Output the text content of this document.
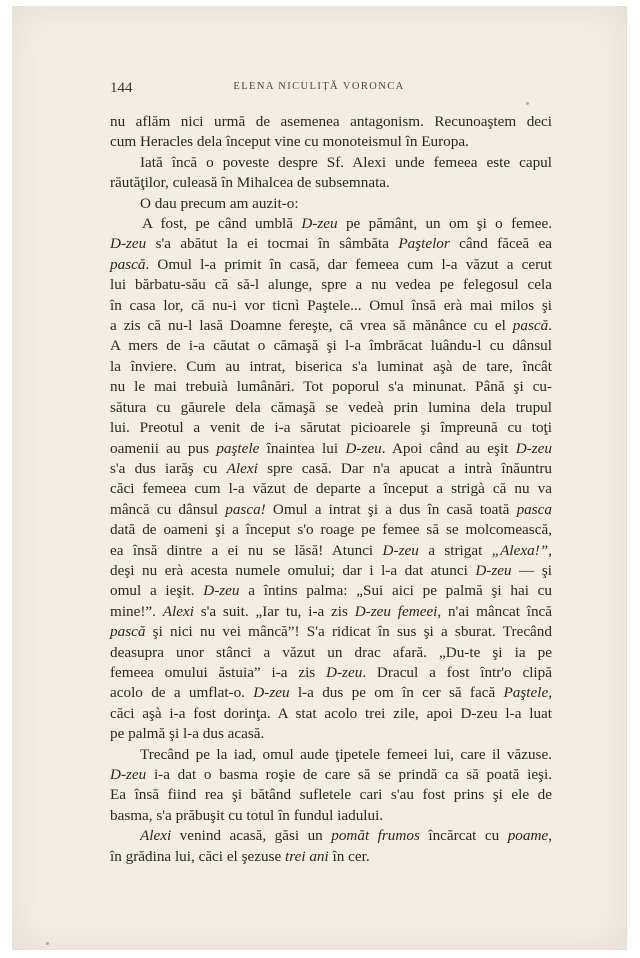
144	ELENA NICULIȚĂ VORONCA
nu aflăm nici urmă de asemenea antagonism. Recunoaştem deci
cum Heracles dela început vine cu monoteismul în Europa.
Iată încă o poveste despre Sf. Alexi unde femeea este capul
răutăţilor, culeasă în Mihalcea de subsemnata.
O dau precum am auzit-o:
A fost, pe când umblă D-zeu pe pământ, un om şi o femee.
D-zeu s'a abătut la ei tocmai în sâmbăta Paştelor când făceă ea
pască. Omul l-a primit în casă, dar femeea cum l-a văzut a cerut
lui bărbatu-său că să-l alunge, spre a nu vedea pe felegosul cela
în casa lor, că nu-i vor ticnì Paştele... Omul însă erà mai milos şi
a zis că nu-l lasă Doamne fereşte, că vrea să mănânce cu el pască.
A mers de i-a căutat o cămaşă şi l-a îmbrăcat luându-l cu dânsul
la înviere. Cum au intrat, biserica s'a luminat aşà de tare, încât
nu le mai trebuià lumânări. Tot poporul s'a minunat. Până şi cu-
sătura cu găurele dela cămaşă se vedeà prin lumina dela trupul
lui. Preotul a venit de i-a sărutat picioarele şi împreună cu toţi
oamenii au pus paştele înaintea lui D-zeu. Apoi când au eşit D-zeu
s'a dus iarăş cu Alexi spre casă. Dar n'a apucat a intrà înăuntru
căci femeea cum l-a văzut de departe a început a strigà că nu va
mâncă cu dânsul pasca! Omul a intrat şi a dus în casă toată pasca
dată de oameni şi a început s'o roage pe femee să se molcomească,
ea însă dintre a ei nu se lăsă! Atunci D-zeu a strigat „Alexa!”,
deşi nu erà acesta numele omului; dar i l-a dat atunci D-zeu — şi
omul a ieşit. D-zeu a întins palma: „Sui aici pe palmă şi hai cu
mine!”. Alexi s'a suit. „Iar tu, i-a zis D-zeu femeei, n'ai mâncat încă
pască şi nici nu vei mâncă”! S'a ridicat în sus şi a sburat. Trecând
deasupra unor stânci a văzut un drac afară. „Du-te şi ia pe
femeea omului ăstuia” i-a zis D-zeu. Dracul a fost într'o clipă
acolo de a umflat-o. D-zeu l-a dus pe om în cer să facă Paştele,
căci aşà i-a fost dorinţa. A stat acolo trei zile, apoi D-zeu l-a luat
pe palmă şi l-a dus acasă.
Trecând pe la iad, omul aude ţipetele femeei lui, care il văzuse.
D-zeu i-a dat o basma roşie de care să se prindă ca să poată ieşi.
Ea însă fiind rea şi bătând sufletele cari s'au fost prins şi ele de
basma, s'a prăbuşit cu totul în fundul iadului.
Alexi venind acasă, găsi un pomăt frumos încărcat cu poame,
în grădina lui, căci el şezuse trei ani în cer.
